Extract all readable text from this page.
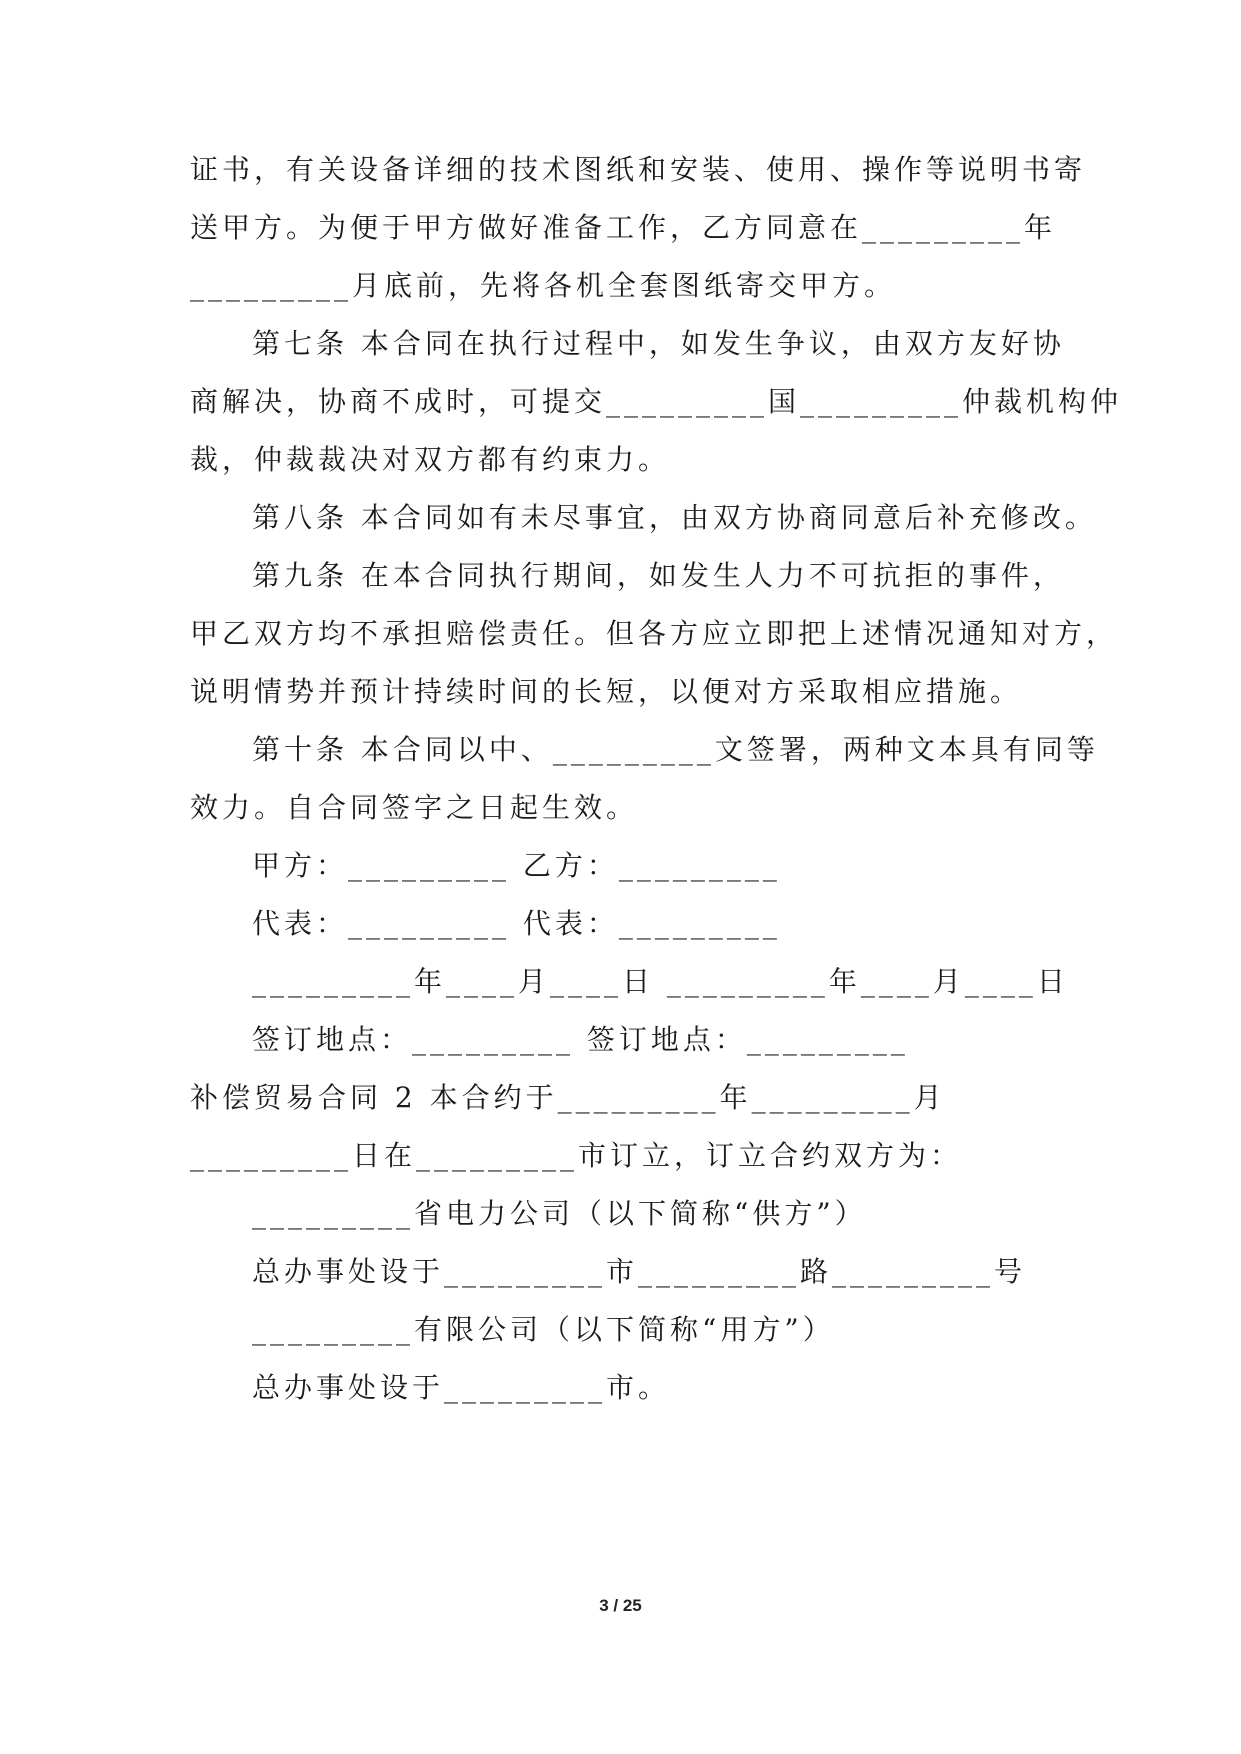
证书，有关设备详细的技术图纸和安装、使用、操作等说明书寄
送甲方。为便于甲方做好准备工作，乙方同意在_________年
_________月底前，先将各机全套图纸寄交甲方。
第七条 本合同在执行过程中，如发生争议，由双方友好协
商解决，协商不成时，可提交_________国_________仲裁机构仲
裁，仲裁裁决对双方都有约束力。
第八条 本合同如有未尽事宜，由双方协商同意后补充修改。
第九条 在本合同执行期间，如发生人力不可抗拒的事件，
甲乙双方均不承担赔偿责任。但各方应立即把上述情况通知对方，
说明情势并预计持续时间的长短，以便对方采取相应措施。
第十条 本合同以中、_________文签署，两种文本具有同等
效力。自合同签字之日起生效。
甲方：_________ 乙方：_________
代表：_________ 代表：_________
_________年____月____日 _________年____月____日
签订地点：_________ 签订地点：_________
补偿贸易合同 2 本合约于_________年_________月
_________日在_________市订立，订立合约双方为：
_________省电力公司（以下简称“供方”）
总办事处设于_________市_________路_________号
_________有限公司（以下简称“用方”）
总办事处设于_________市。
3 / 25
